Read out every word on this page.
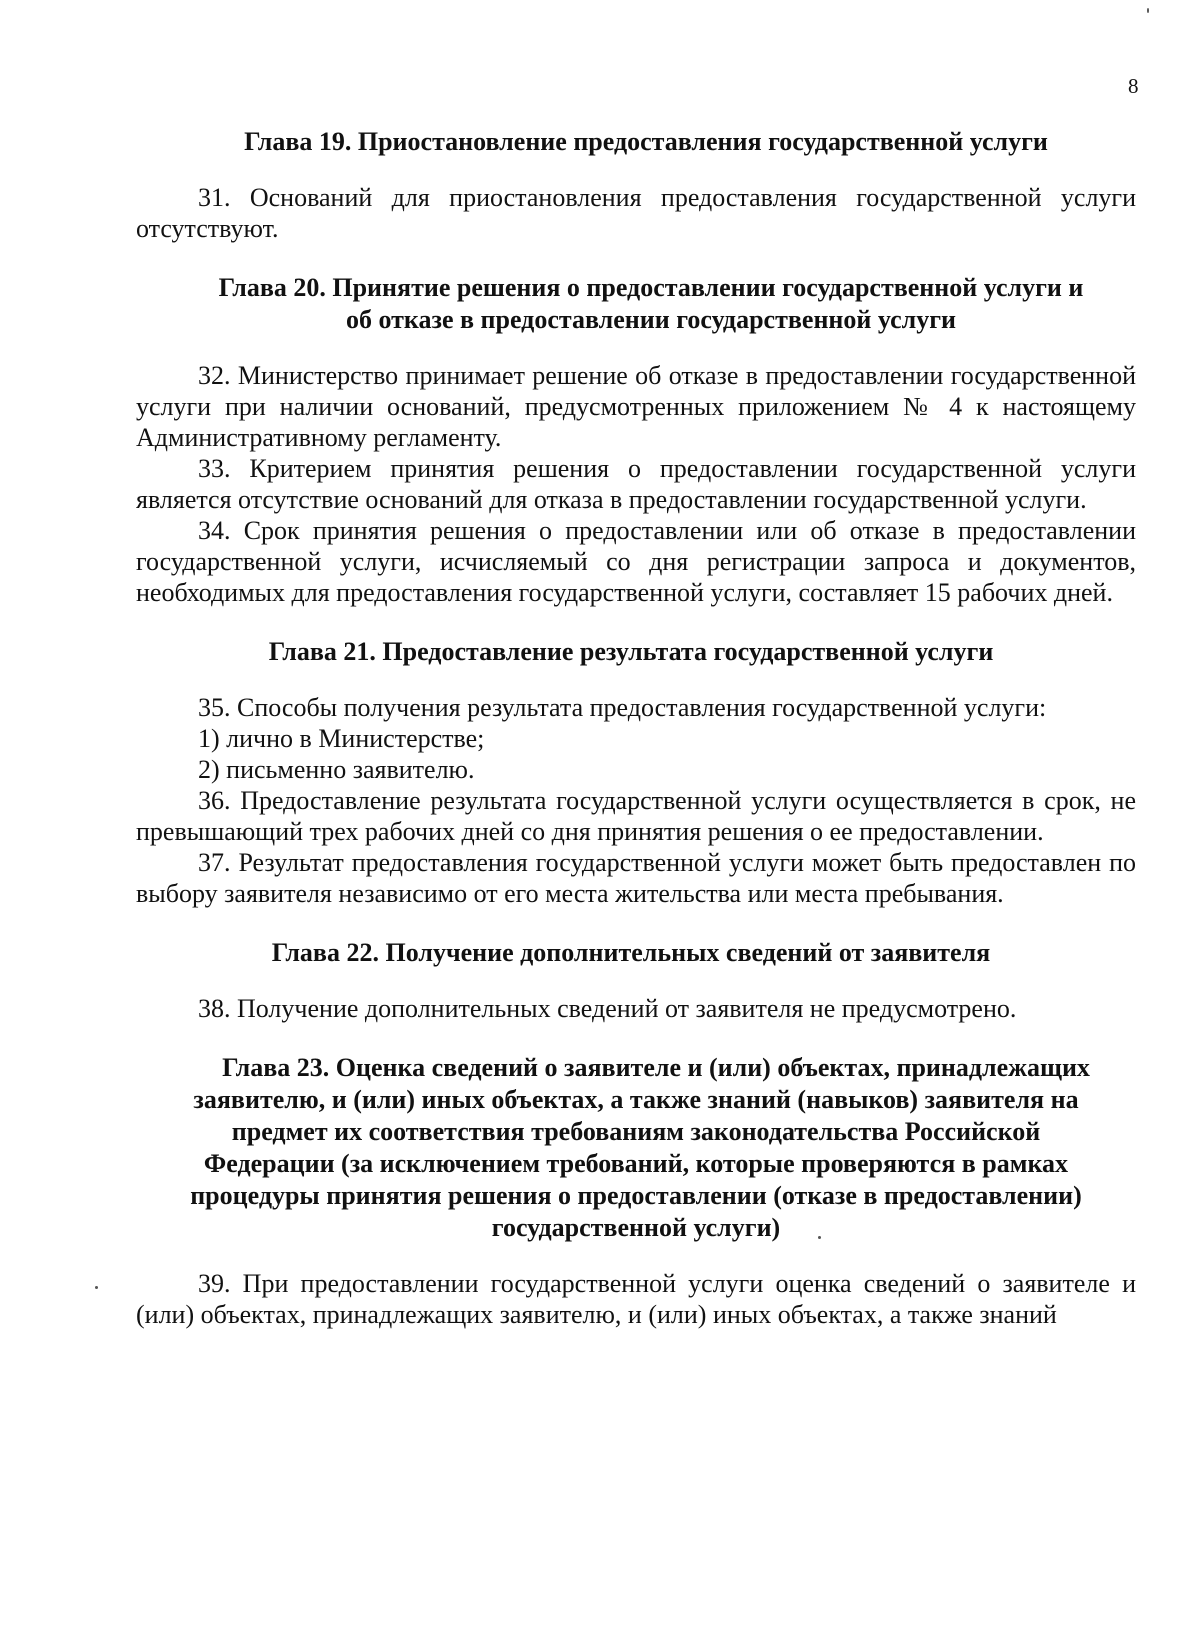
8

Глава 19. Приостановление предоставления государственной услуги

31. Оснований для приостановления предоставления государственной услуги отсутствуют.

Глава 20. Принятие решения о предоставлении государственной услуги и об отказе в предоставлении государственной услуги

32. Министерство принимает решение об отказе в предоставлении государственной услуги при наличии оснований, предусмотренных приложением № 4 к настоящему Административному регламенту.

33. Критерием принятия решения о предоставлении государственной услуги является отсутствие оснований для отказа в предоставлении государственной услуги.

34. Срок принятия решения о предоставлении или об отказе в предоставлении государственной услуги, исчисляемый со дня регистрации запроса и документов, необходимых для предоставления государственной услуги, составляет 15 рабочих дней.

Глава 21. Предоставление результата государственной услуги

35. Способы получения результата предоставления государственной услуги:

1) лично в Министерстве;

2) письменно заявителю.

36. Предоставление результата государственной услуги осуществляется в срок, не превышающий трех рабочих дней со дня принятия решения о ее предоставлении.

37. Результат предоставления государственной услуги может быть предоставлен по выбору заявителя независимо от его места жительства или места пребывания.

Глава 22. Получение дополнительных сведений от заявителя

38. Получение дополнительных сведений от заявителя не предусмотрено.

Глава 23. Оценка сведений о заявителе и (или) объектах, принадлежащих заявителю, и (или) иных объектах, а также знаний (навыков) заявителя на предмет их соответствия требованиям законодательства Российской Федерации (за исключением требований, которые проверяются в рамках процедуры принятия решения о предоставлении (отказе в предоставлении) государственной услуги)

39. При предоставлении государственной услуги оценка сведений о заявителе и (или) объектах, принадлежащих заявителю, и (или) иных объектах, а также знаний
